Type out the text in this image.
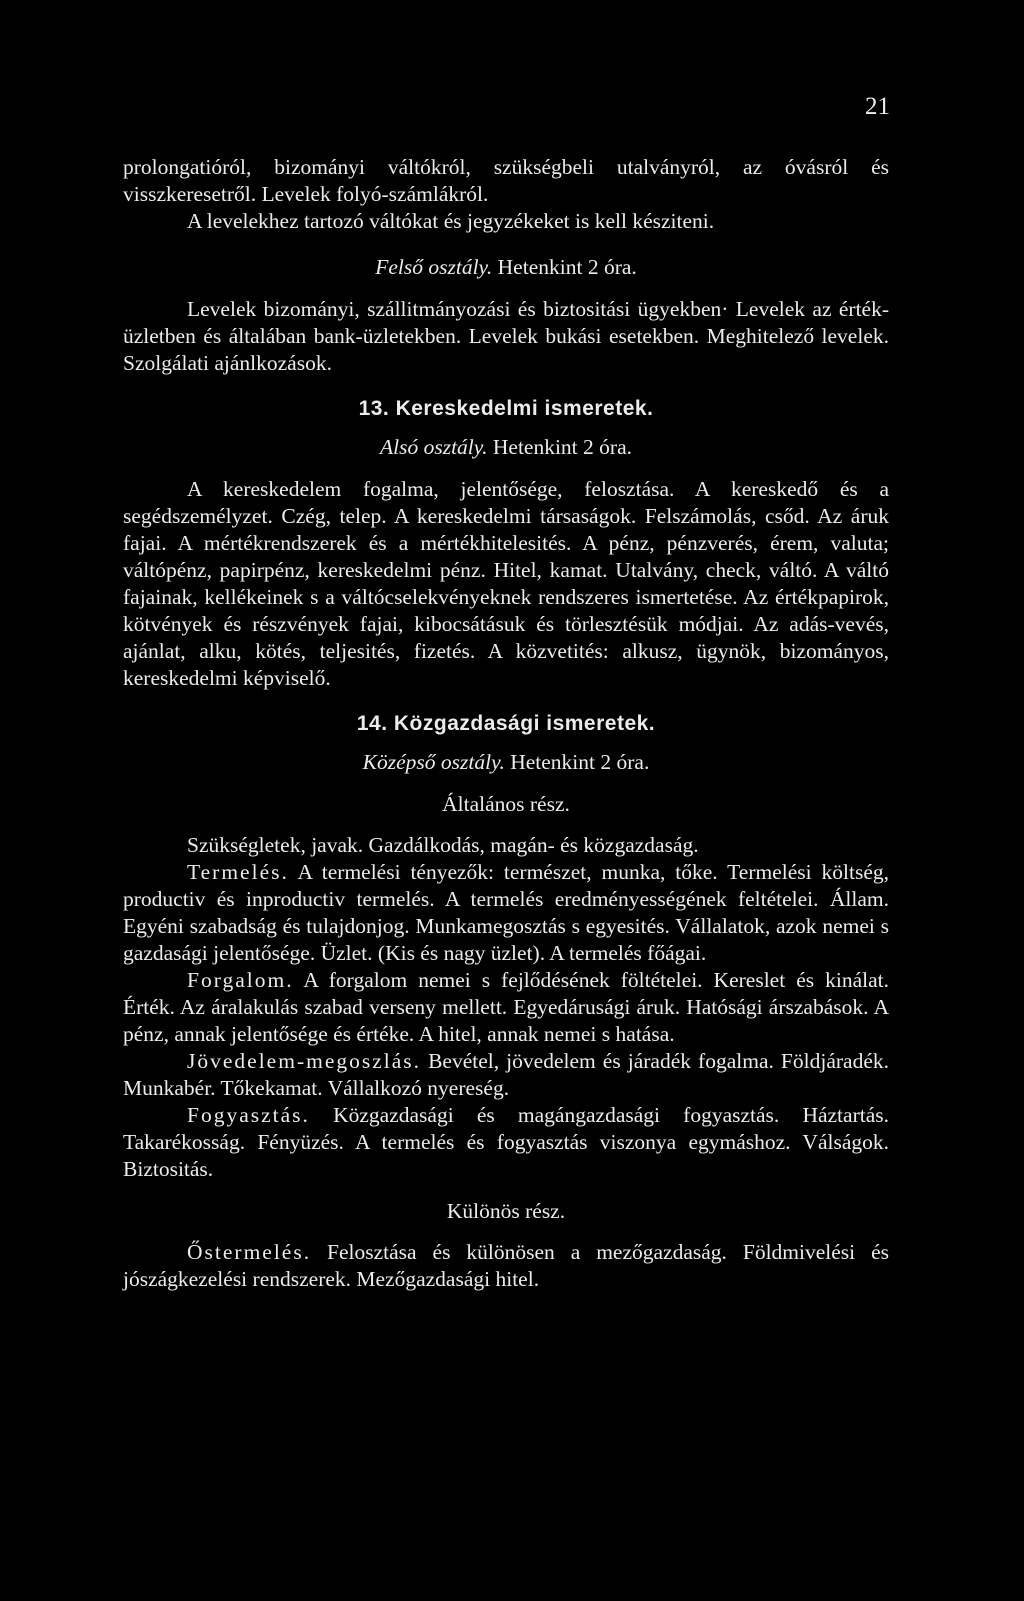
21

prolongatióról, bizományi váltókról, szükségbeli utalványról, az óvásról és visszkeresetről. Levelek folyó-számlákról.

A levelekhez tartozó váltókat és jegyzékeket is kell késziteni.

Felső osztály. Hetenkint 2 óra.

Levelek bizományi, szállitmányozási és biztositási ügyekben· Levelek az érték-üzletben és általában bank-üzletekben. Levelek bukási esetekben. Meghitelező levelek. Szolgálati ajánlkozások.

13. Kereskedelmi ismeretek.

Alsó osztály. Hetenkint 2 óra.

A kereskedelem fogalma, jelentősége, felosztása. A kereskedő és a segédszemélyzet. Czég, telep. A kereskedelmi társaságok. Felszámolás, csőd. Az áruk fajai. A mértékrendszerek és a mértékhitelesités. A pénz, pénzverés, érem, valuta; váltópénz, papirpénz, kereskedelmi pénz. Hitel, kamat. Utalvány, check, váltó. A váltó fajainak, kellékeinek s a váltócselekvényeknek rendszeres ismertetése. Az értékpapirok, kötvények és részvények fajai, kibocsátásuk és törlesztésük módjai. Az adás-vevés, ajánlat, alku, kötés, teljesités, fizetés. A közvetités: alkusz, ügynök, bizományos, kereskedelmi képviselő.

14. Közgazdasági ismeretek.

Középső osztály. Hetenkint 2 óra.

Általános rész.

Szükségletek, javak. Gazdálkodás, magán- és közgazdaság.

Termelés. A termelési tényezők: természet, munka, tőke. Termelési költség, productiv és inproductiv termelés. A termelés eredményességének feltételei. Állam. Egyéni szabadság és tulajdonjog. Munkamegosztás s egyesités. Vállalatok, azok nemei s gazdasági jelentősége. Üzlet. (Kis és nagy üzlet). A termelés főágai.

Forgalom. A forgalom nemei s fejlődésének föltételei. Kereslet és kinálat. Érték. Az áralakulás szabad verseny mellett. Egyedárusági áruk. Hatósági árszabások. A pénz, annak jelentősége és értéke. A hitel, annak nemei s hatása.

Jövedelem-megoszlás. Bevétel, jövedelem és járadék fogalma. Földjáradék. Munkabér. Tőkekamat. Vállalkozó nyereség.

Fogyasztás. Közgazdasági és magángazdasági fogyasztás. Háztartás. Takarékosság. Fényüzés. A termelés és fogyasztás viszonya egymáshoz. Válságok. Biztositás.

Különös rész.

Őstermelés. Felosztása és különösen a mezőgazdaság. Földmivelési és jószágkezelési rendszerek. Mezőgazdasági hitel.
